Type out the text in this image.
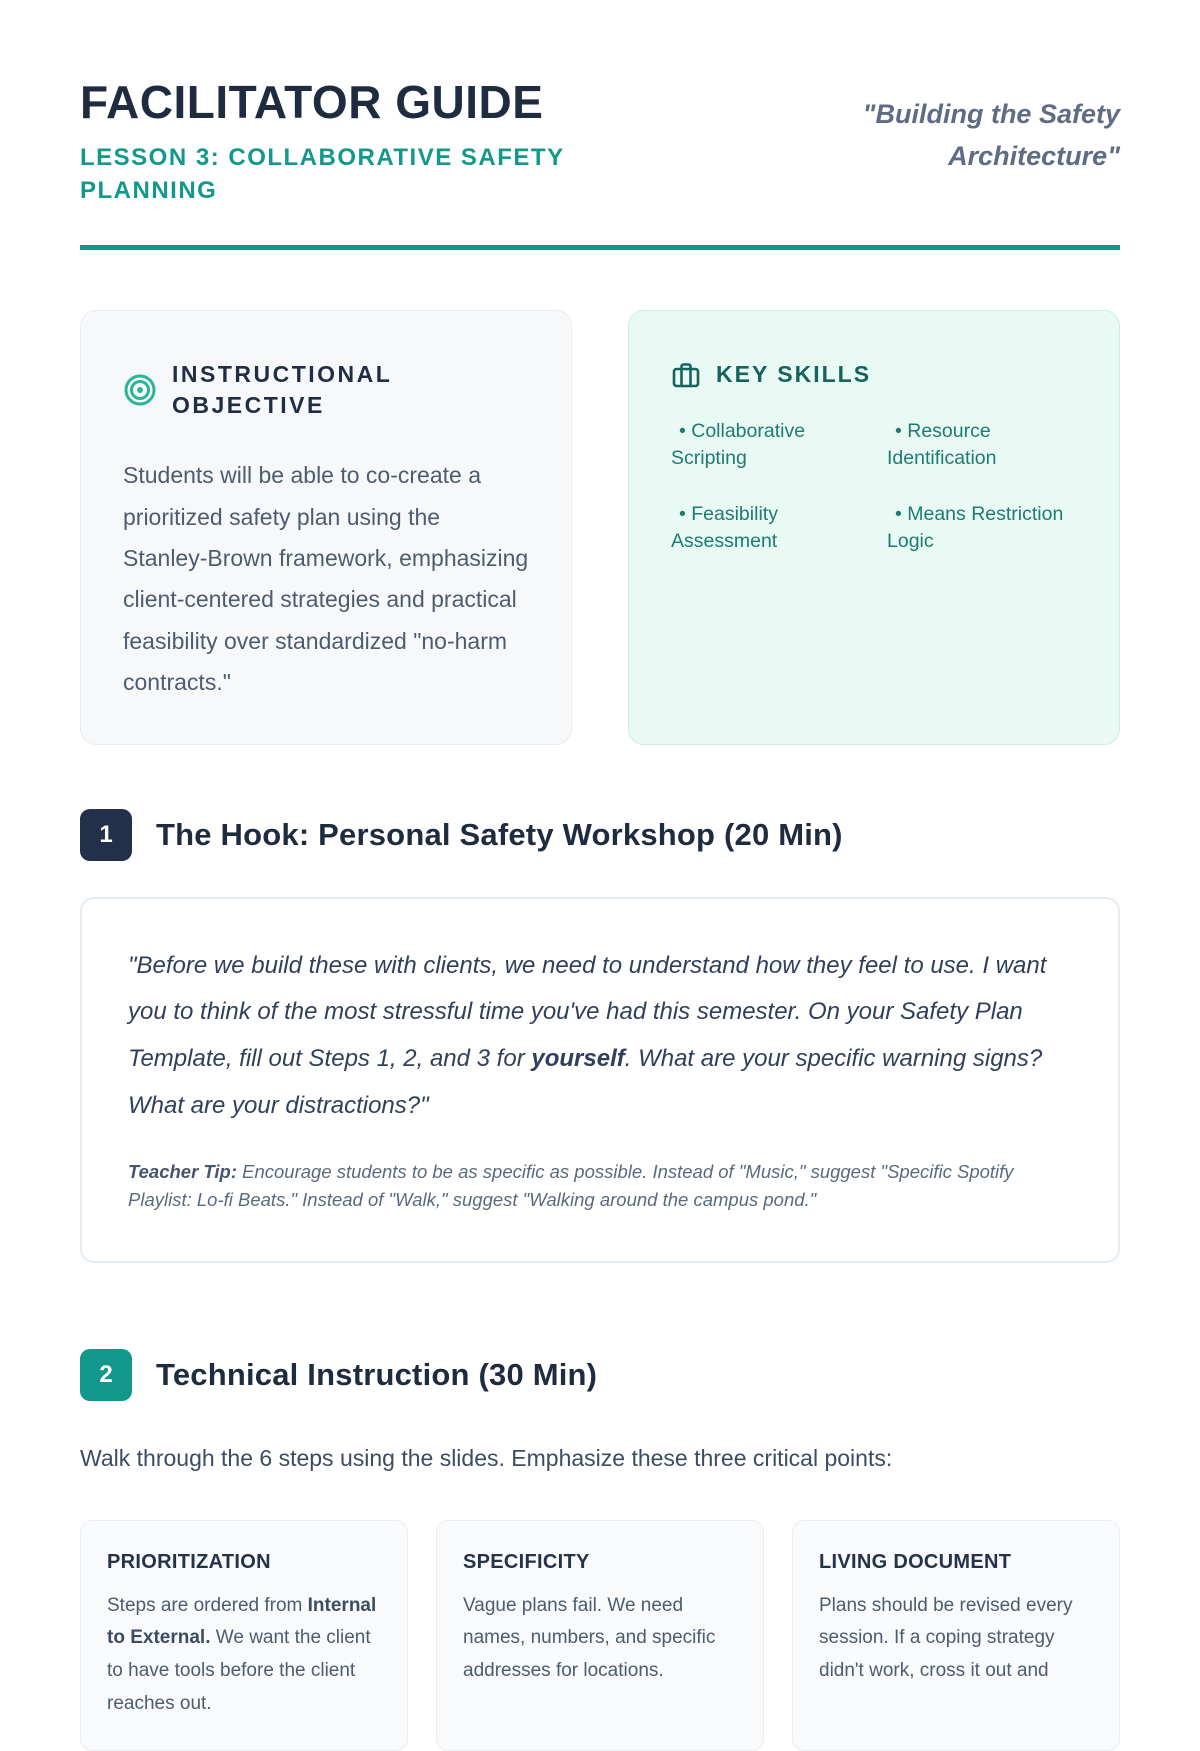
FACILITATOR GUIDE
LESSON 3: COLLABORATIVE SAFETY PLANNING
"Building the Safety Architecture"
INSTRUCTIONAL OBJECTIVE
Students will be able to co-create a prioritized safety plan using the Stanley-Brown framework, emphasizing client-centered strategies and practical feasibility over standardized "no-harm contracts."
KEY SKILLS
• Collaborative Scripting
• Resource Identification
• Feasibility Assessment
• Means Restriction Logic
1	The Hook: Personal Safety Workshop (20 Min)
"Before we build these with clients, we need to understand how they feel to use. I want you to think of the most stressful time you've had this semester. On your Safety Plan Template, fill out Steps 1, 2, and 3 for yourself. What are your specific warning signs? What are your distractions?"
Teacher Tip: Encourage students to be as specific as possible. Instead of "Music," suggest "Specific Spotify Playlist: Lo-fi Beats." Instead of "Walk," suggest "Walking around the campus pond."
2	Technical Instruction (30 Min)
Walk through the 6 steps using the slides. Emphasize these three critical points:
PRIORITIZATION
Steps are ordered from Internal to External. We want the client to have tools before the client reaches out.
SPECIFICITY
Vague plans fail. We need names, numbers, and specific addresses for locations.
LIVING DOCUMENT
Plans should be revised every session. If a coping strategy didn't work, cross it out and
